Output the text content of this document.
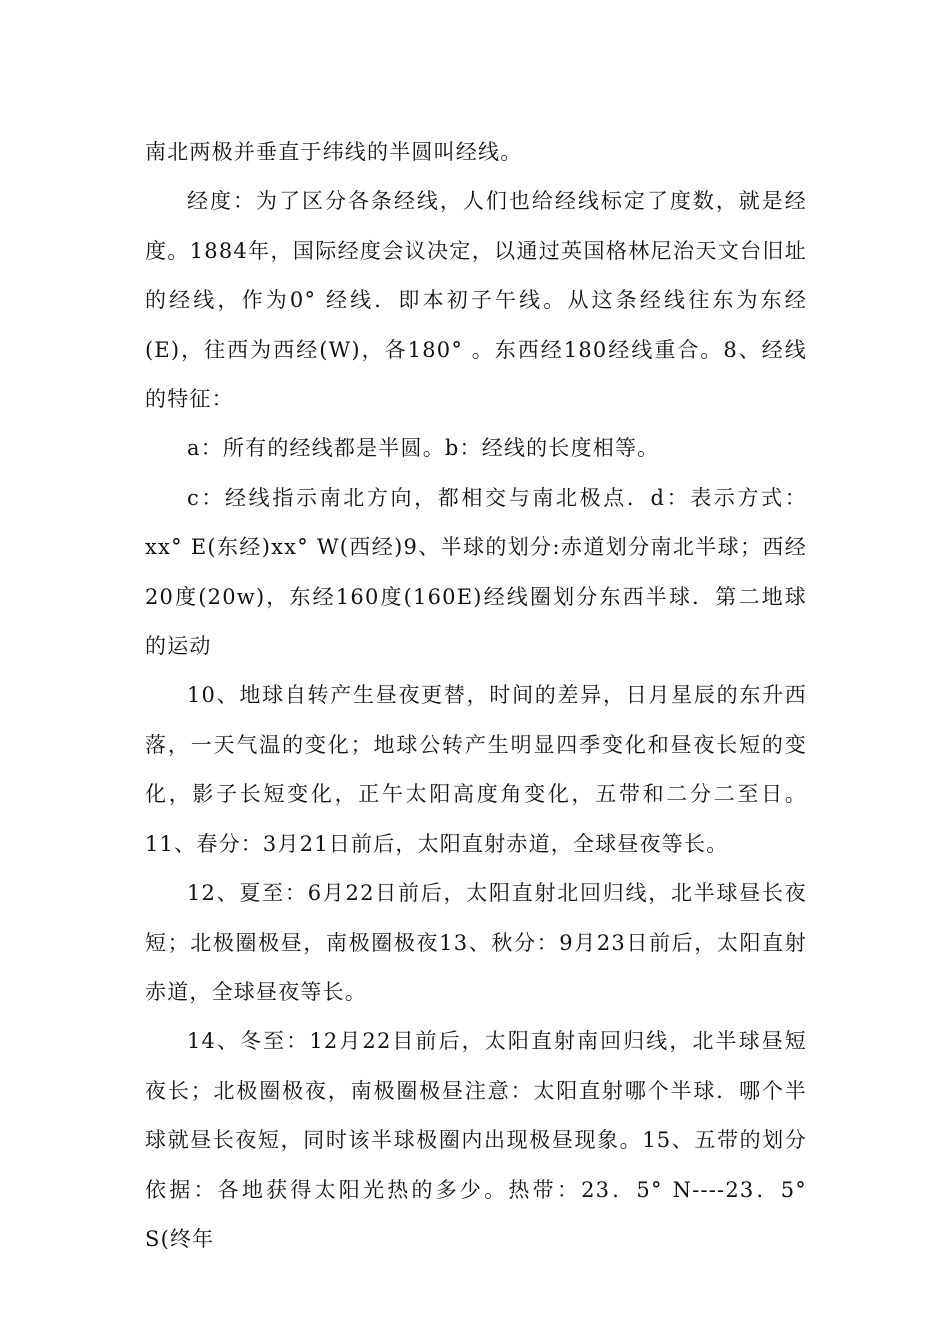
南北两极并垂直于纬线的半圆叫经线。

经度：为了区分各条经线，人们也给经线标定了度数，就是经度。1884年，国际经度会议决定，以通过英国格林尼治天文台旧址的经线，作为0° 经线．即本初子午线。从这条经线往东为东经(E)，往西为西经(W)，各180° 。东西经180经线重合。8、经线的特征：

a：所有的经线都是半圆。b：经线的长度相等。

c：经线指示南北方向，都相交与南北极点．d：表示方式：xx° E(东经)xx° W(西经)9、半球的划分:赤道划分南北半球；西经20度(20w)，东经160度(160E)经线圈划分东西半球．第二地球的运动

10、地球自转产生昼夜更替，时间的差异，日月星辰的东升西落，一天气温的变化；地球公转产生明显四季变化和昼夜长短的变化，影子长短变化，正午太阳高度角变化，五带和二分二至日。11、春分：3月21日前后，太阳直射赤道，全球昼夜等长。

12、夏至：6月22日前后，太阳直射北回归线，北半球昼长夜短；北极圈极昼，南极圈极夜13、秋分：9月23日前后，太阳直射赤道，全球昼夜等长。

14、冬至：12月22目前后，太阳直射南回归线，北半球昼短夜长；北极圈极夜，南极圈极昼注意：太阳直射哪个半球．哪个半球就昼长夜短，同时该半球极圈内出现极昼现象。15、五带的划分依据：各地获得太阳光热的多少。热带：23．5° N----23．5° S(终年
